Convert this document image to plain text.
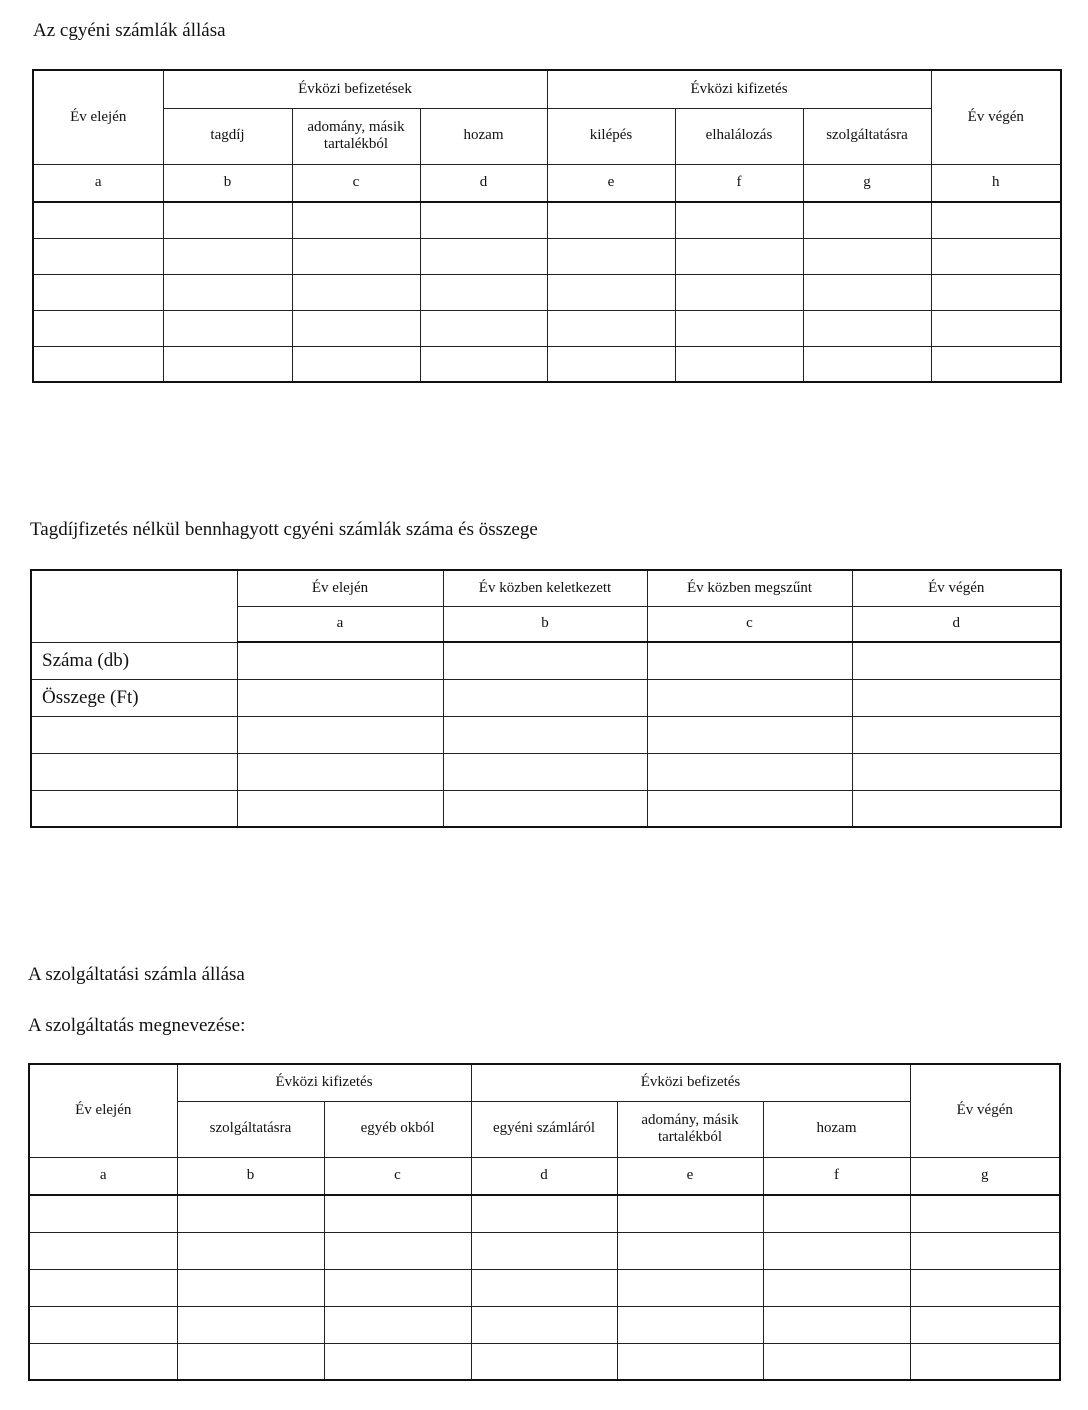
Az cgyéni számlák állása
Év elején	Évközi befizetések			Évközi kifizetés			Év végén
	tagdíj	adomány, másik tartalékból	hozam	kilépés	elhalálozás	szolgáltatásra	
a	b	c	d	e	f	g	h

Tagdíjfizetés nélkül bennhagyott cgyéni számlák száma és összege
	Év elején	Év közben keletkezett	Év közben megszűnt	Év végén
	a	b	c	d
Száma (db)				
Összege (Ft)				

A szolgáltatási számla állása
A szolgáltatás megnevezése:
Év elején	Évközi kifizetés		Évközi befizetés			Év végén
	szolgáltatásra	egyéb okból	egyéni számláról	adomány, másik tartalékból	hozam	
a	b	c	d	e	f	g
